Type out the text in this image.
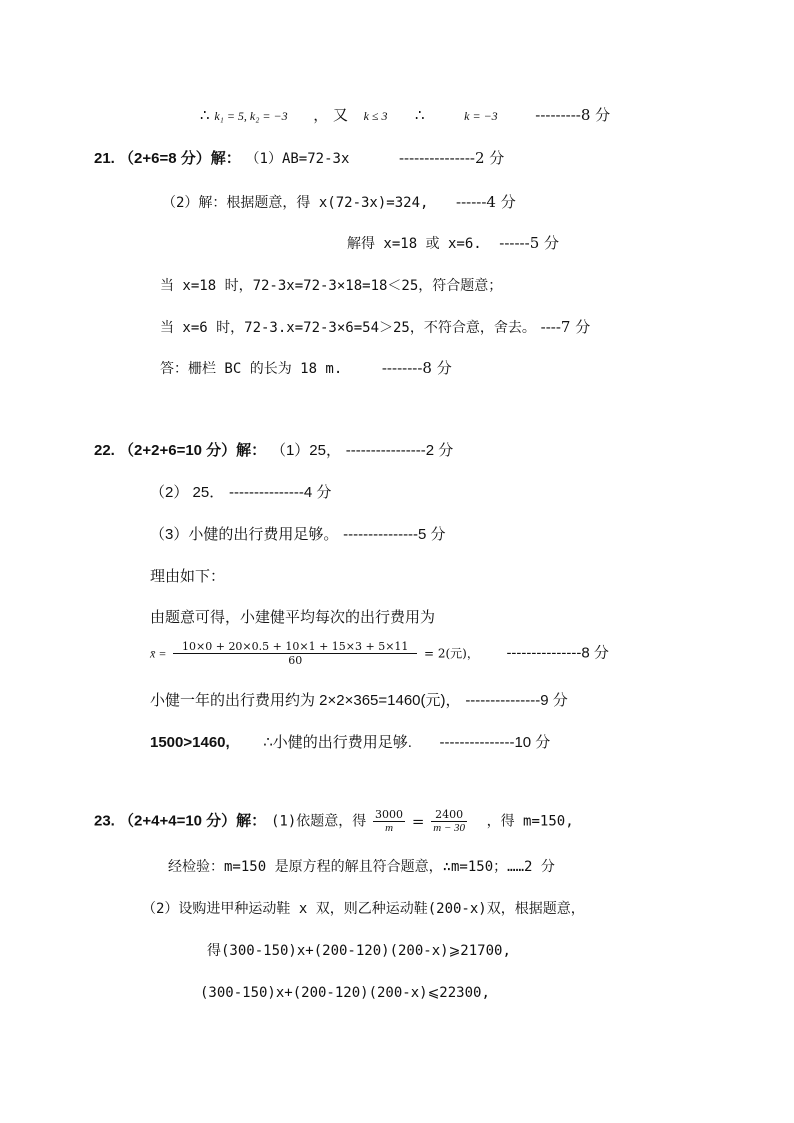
∴ k₁ = 5, k₂ = −3 ， 又 k ≤ 3 ∴	k = −3	---------8 分
21. （2+6=8 分）解： （1）AB=72-3x	---------------2 分
（2）解：根据题意，得 x(72-3x)=324, ------4 分
解得 x=18 或 x=6. ------5 分
当 x=18 时，72-3x=72-3×18=18＜25，符合题意；
当 x=6 时，72-3.x=72-3×6=54＞25，不符合意，舍去。 ----7 分
答：栅栏 BC 的长为 18 m.	--------8 分
22. （2+2+6=10 分）解： （1）25， ----------------2 分
（2） 25． ---------------4 分
（3）小健的出行费用足够。 ---------------5 分
理由如下：
由题意可得，小建健平均每次的出行费用为
x̄ = $\frac{10\times 0 + 20\times 0.5 + 10\times 1 + 15\times 3 + 5\times 11}{60} = 2$(元)， ---------------8 分
小健一年的出行费用约为 2×2×365=1460(元)， ---------------9 分
1500>1460, ∴小健的出行费用足够. ---------------10 分
23. （2+4+4=10 分）解： (1)依题意，得 $\frac{3000}{m} = \frac{2400}{m - 30}$ ，得 m=150,
经检验：m=150 是原方程的解且符合题意，∴m=150；……2 分
（2）设购进甲种运动鞋 x 双，则乙种运动鞋(200-x)双，根据题意，
得(300-150)x+(200-120)(200-x)⩾21700,
(300-150)x+(200-120)(200-x)⩽22300,
